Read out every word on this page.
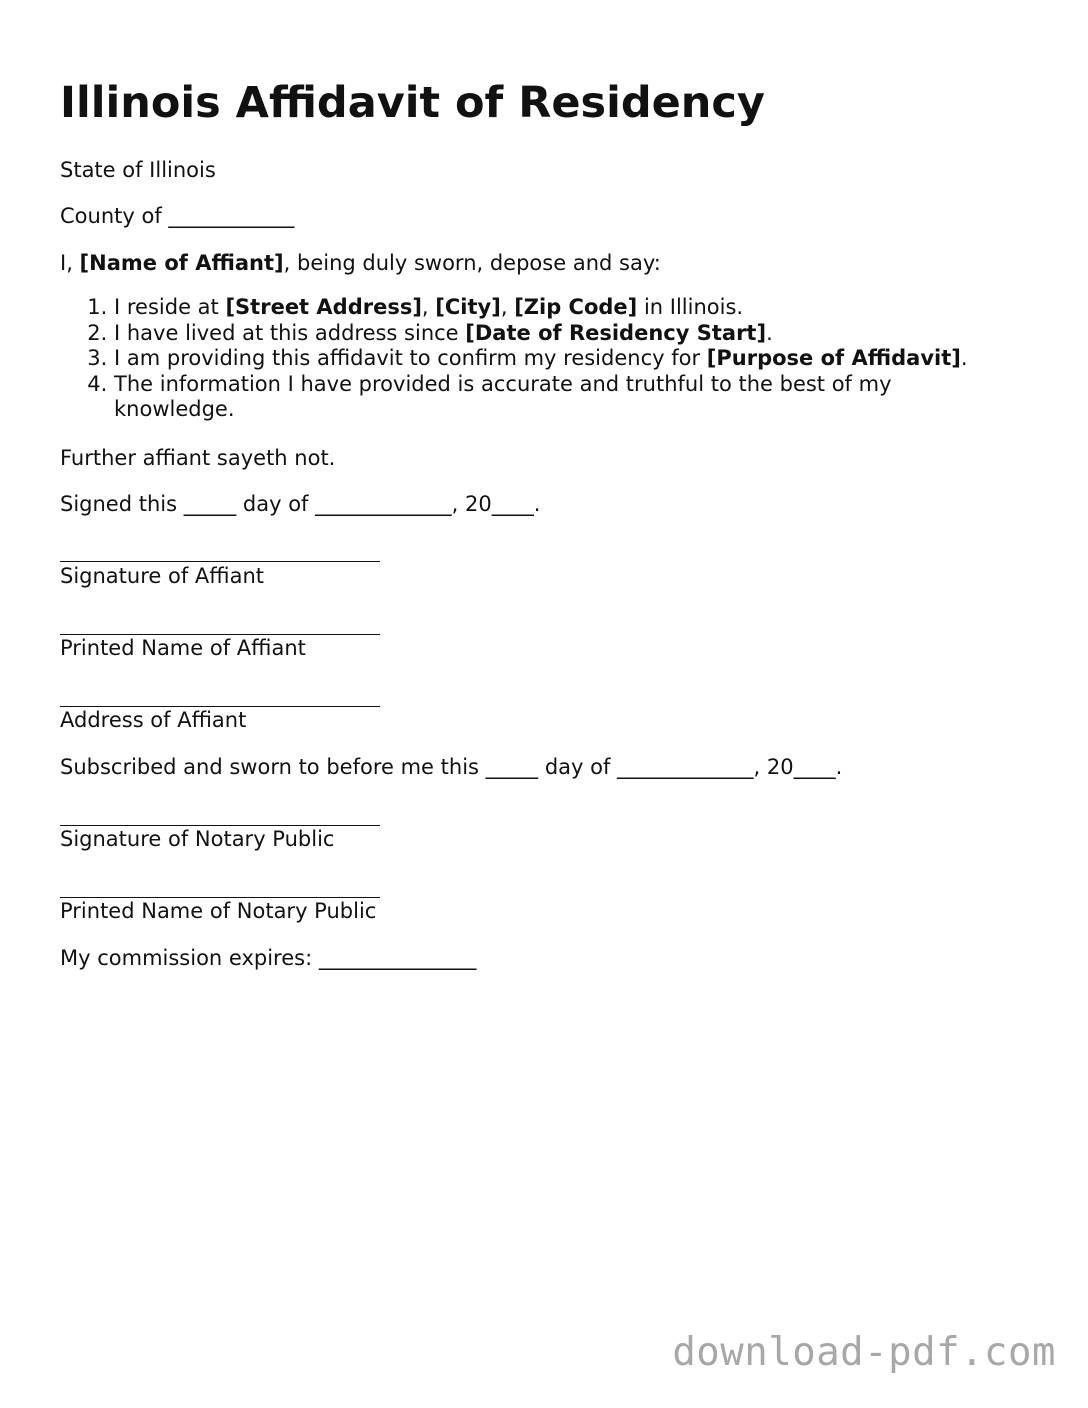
Illinois Affidavit of Residency
State of Illinois
County of ____________
I, [Name of Affiant], being duly sworn, depose and say:
1. I reside at [Street Address], [City], [Zip Code] in Illinois.
2. I have lived at this address since [Date of Residency Start].
3. I am providing this affidavit to confirm my residency for [Purpose of Affidavit].
4. The information I have provided is accurate and truthful to the best of my knowledge.
Further affiant sayeth not.
Signed this _____ day of _____________, 20____.
Signature of Affiant
Printed Name of Affiant
Address of Affiant
Subscribed and sworn to before me this _____ day of _____________, 20____.
Signature of Notary Public
Printed Name of Notary Public
My commission expires: _______________
download-pdf.com
